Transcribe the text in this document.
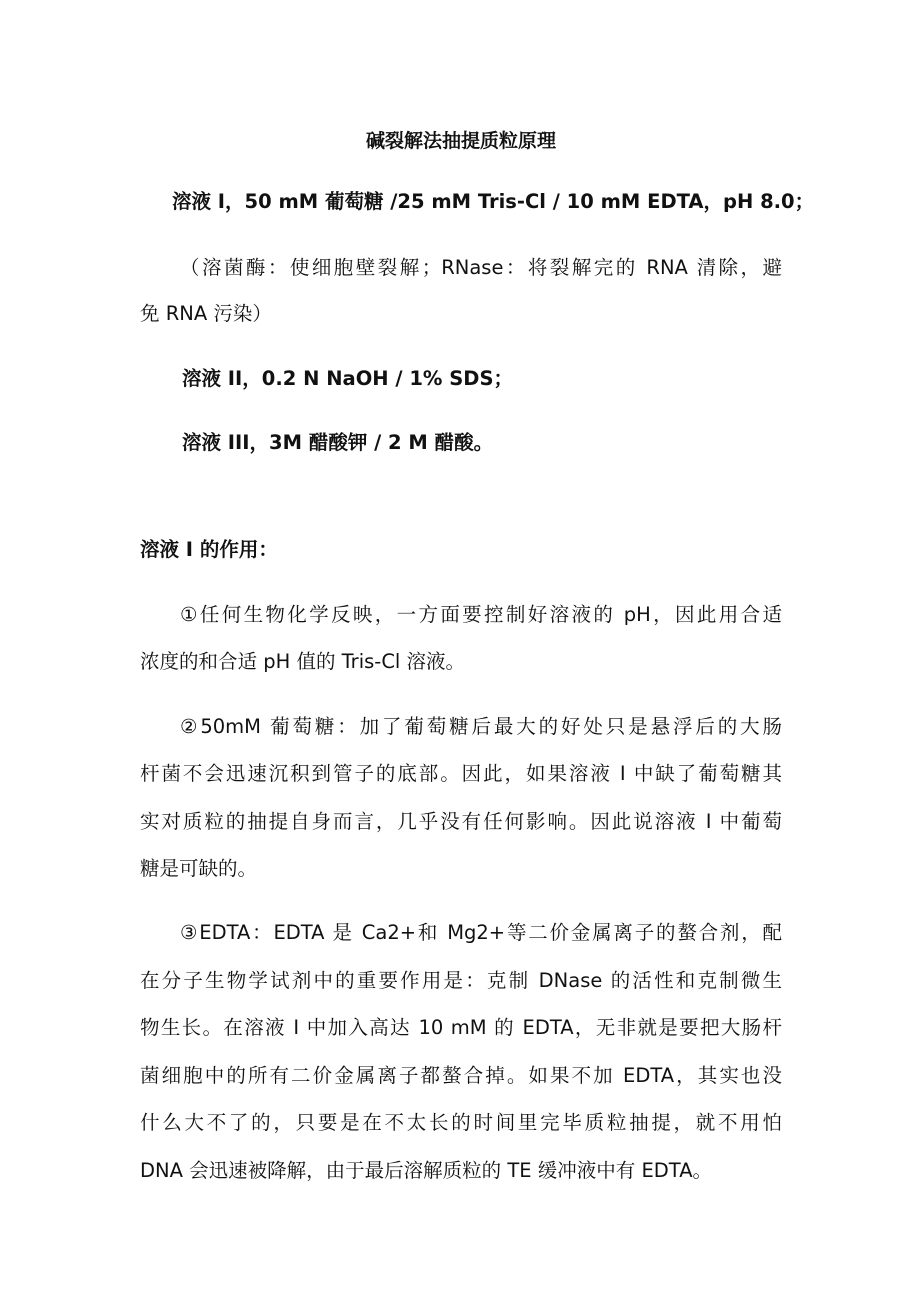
碱裂解法抽提质粒原理
溶液 I，50 mM 葡萄糖 /25 mM Tris-Cl / 10 mM EDTA，pH 8.0；
（溶菌酶：使细胞壁裂解；RNase：将裂解完的 RNA 清除，避
免 RNA 污染）
溶液 II，0.2 N NaOH / 1% SDS；
溶液 III，3M 醋酸钾 / 2 M 醋酸。
溶液 I 的作用：
①任何生物化学反映，一方面要控制好溶液的 pH，因此用合适
浓度的和合适 pH 值的 Tris-Cl 溶液。
②50mM 葡萄糖：加了葡萄糖后最大的好处只是悬浮后的大肠
杆菌不会迅速沉积到管子的底部。因此，如果溶液 I 中缺了葡萄糖其
实对质粒的抽提自身而言，几乎没有任何影响。因此说溶液 I 中葡萄
糖是可缺的。
③EDTA：EDTA 是 Ca2+和 Mg2+等二价金属离子的螯合剂，配
在分子生物学试剂中的重要作用是：克制 DNase 的活性和克制微生
物生长。在溶液 I 中加入高达 10 mM 的 EDTA，无非就是要把大肠杆
菌细胞中的所有二价金属离子都螯合掉。如果不加 EDTA，其实也没
什么大不了的，只要是在不太长的时间里完毕质粒抽提，就不用怕
DNA 会迅速被降解，由于最后溶解质粒的 TE 缓冲液中有 EDTA。
